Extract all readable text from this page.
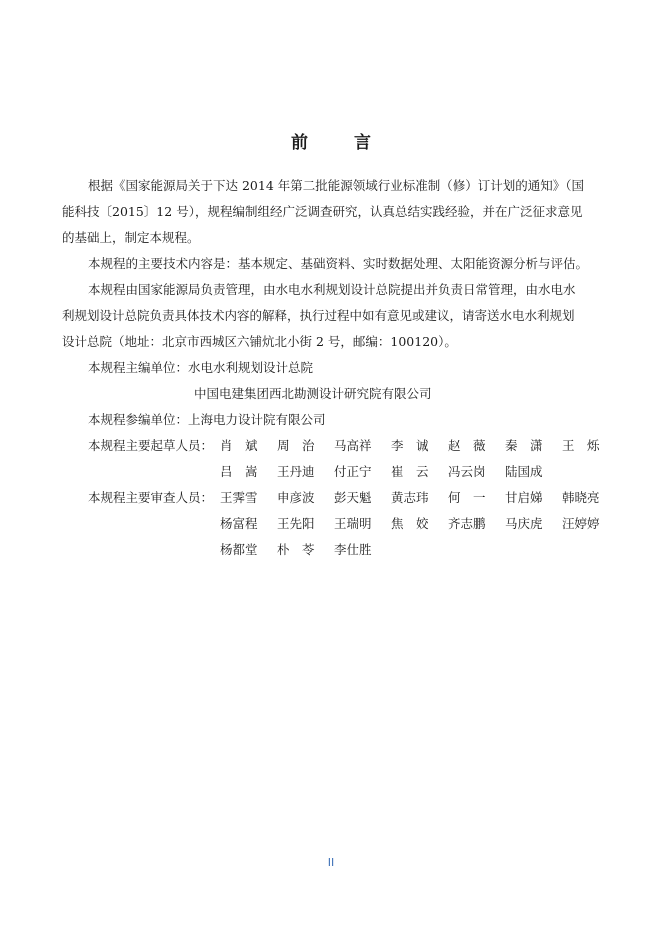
前	言
根据《国家能源局关于下达 2014 年第二批能源领域行业标准制（修）订计划的通知》（国
能科技〔2015〕12 号），规程编制组经广泛调查研究，认真总结实践经验，并在广泛征求意见
的基础上，制定本规程。
本规程的主要技术内容是：基本规定、基础资料、实时数据处理、太阳能资源分析与评估。
本规程由国家能源局负责管理，由水电水利规划设计总院提出并负责日常管理，由水电水
利规划设计总院负责具体技术内容的解释，执行过程中如有意见或建议，请寄送水电水利规划
设计总院（地址：北京市西城区六铺炕北小街 2 号，邮编：100120）。
本规程主编单位：水电水利规划设计总院
中国电建集团西北勘测设计研究院有限公司
本规程参编单位：上海电力设计院有限公司
本规程主要起草人员： 肖　斌 周　治 马高祥 李　诚 赵　薇 秦　潇 王　烁
吕　嵩 王丹迪 付正宁 崔　云 冯云岗 陆国成
本规程主要审查人员： 王霁雪 申彦波 彭天魁 黄志玮 何　一 甘启娣 韩晓亮
杨富程 王先阳 王瑞明 焦　姣 齐志鹏 马庆虎 汪婷婷
杨都堂 朴　苓 李仕胜
II
